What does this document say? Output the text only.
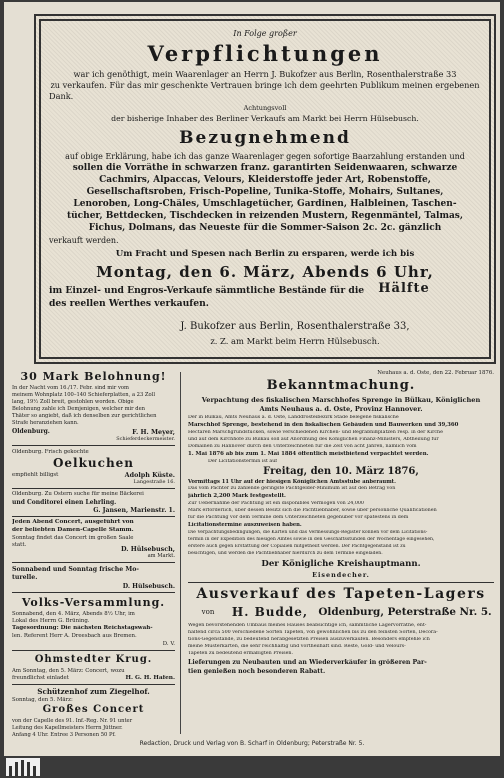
In Folge großer
Verpflichtungen
war ich genöthigt, mein Waarenlager an Herrn J. Bukofzer aus Berlin, Rosenthalerstraße 33
zu verkaufen. Für das mir geschenkte Vertrauen bringe ich dem geehrten Publikum meinen ergebenen
Dank.
Achtungsvoll
der bisherige Inhaber des Berliner Verkaufs am Markt bei Herrn Hülsebusch.
Bezugnehmend
auf obige Erklärung, habe ich das ganze Waarenlager gegen sofortige Baarzahlung erstanden und
sollen die Vorräthe in schwarzen franz. garantirten Seidenwaaren, schwarze
Cachmirs, Alpaccas, Velours, Kleiderstoffe jeder Art, Robenstoffe,
Gesellschaftsroben, Frisch-Popeline, Tunika-Stoffe, Mohairs, Sultanes,
Lenoroben, Long-Châles, Umschlagetücher, Gardinen, Halbleinen, Taschen-
tücher, Bettdecken, Tischdecken in reizenden Mustern, Regenmäntel, Talmas,
Fichus, Dolmans, das Neueste für die Sommer-Saison 2c. 2c. gänzlich
verkauft werden.
Um Fracht und Spesen nach Berlin zu ersparen, werde ich bis
Montag, den 6. März, Abends 6 Uhr,
im Einzel- und Engros-Verkaufe sämmtliche Bestände für die	Hälfte
des reellen Werthes verkaufen.
J. Bukofzer aus Berlin, Rosenthalerstraße 33,
z. Z. am Markt beim Herrn Hülsebusch.
30 Mark Belohnung!
In der Nacht vom 16./17. Febr. sind mir vom
meinem Wohnplatz 100–140 Schieferplatten, a 23 Zoll
lang, 19½ Zoll breit, gestohlen worden. Obige
Belohnung zahle ich Demjenigen, welcher mir den
Thäter so angiebt, daß ich denselben zur gerichtlichen
Strafe heranziehen kann.
Oldenburg.	F. H. Meyer,
Schieferdeckermeister.
Oldenburg. Frisch gekochte
Oelkuchen
empfiehlt billigst	Adolph Küste.
Langestraße 16.
Oldenburg. Zu Ostern suche für meine Bäckerei
und Conditorei einen Lehrling.
G. Jansen, Marienstr. 1.
Jeden Abend Concert, ausgeführt von
der beliebten Damen-Capelle Stamm.
Sonntag findet das Concert im großen Saale
statt.	D. Hülsebusch,
am Markt.
Sonnabend und Sonntag frische Mo-
turelle.
D. Hülsebusch.
Volks-Versammlung.
Sonnabend, den 4. März, Abends 8½ Uhr, im
Lokal des Herrn G. Brüning.
Tagesordnung: Die nächsten Reichstagswah-
len. Referent Herr A. Dreesbach aus Bremen.
D. V.
Ohmstedter Krug.
Am Sonntag, den 5. März: Concert, wozu
freundlichst einladet	H. G. H. Hafen.
Schützenhof zum Ziegelhof.
Sonntag, den 5. März:
Großes Concert
von der Capelle des 91. Inf.-Reg. Nr. 91 unter
Leitung des Kapellmeisters Herrn Jüttner.
Anfang 4 Uhr. Entree 3 Personen 50 Pf.
Neuhaus a. d. Oste, den 22. Februar 1876.
Bekanntmachung.
Verpachtung des fiskalischen Marschhofes Sprenge in Bülkau, Königlichen
Amts Neuhaus a. d. Oste, Provinz Hannover.
Der in Bülkau, Amts Neuhaus a. d. Oste, Landdrosteibezirk Stade belegene fiskalische
Marschhof Sprenge, bestehend in den fiskalischen Gebäuden und Bauwerken und 39,360
Hectaren Marschgrundstücken, sowie verschiedenen Kirchen- und Begräbnißplätzen resp. in der Kirche
und auf dem Kirchhofe zu Bülkau soll auf Anordnung des Königlichen Finanz-Ministers, Abtheilung für
Domainen zu Hannover durch den Unterzeichneten für die Zeit von acht Jahren, nämlich vom
1. Mai 1876 ab bis zum 1. Mai 1884 öffentlich meistbietend verpachtet werden.
Der Licitationstermin ist auf
Freitag, den 10. März 1876,
Vormittags 11 Uhr auf der hiesigen Königlichen Amtsstube anberaumt.
Das vom Pächter zu zahlende geringste Pachtgelder-Minimum ist auf den Betrag von
jährlich 2,200 Mark festgestellt.
Zur Uebernahme der Pachtung ist ein disponibles Vermögen von 24,000
Mark erforderlich, über dessen Besitz sich die Pachtliebhaber, sowie über persönliche Qualificationen
für die Pachtung vor dem Termine dem Unterzeichneten gegenüber vor spätestens in dem
Licitationstermine auszuweisen haben.
Die Verpachtungsbedingungen, die Karten und das Vermessungs-Register können vor dem Licitations-
termin in der Expedition des hiesigen Amtes sowie in den Geschäftsstunden der Wochentage eingesehen,
erstere auch gegen Erstattung der Copialien mitgetheilt werden. Der Pachtgegenstand ist zu
besichtigen, und werden die Pachtliebhaber hierdurch zu dem Termine eingeladen.
Der Königliche Kreishauptmann.
Eisendecher.
Ausverkauf des Tapeten-Lagers
von	H. Budde, Oldenburg, Peterstraße Nr. 5.
Wegen bevorstehenden Umbaus meines Hauses beabsichtige ich, sämmtliche Lagervorräthe, ent-
haltend circa 500 verschiedene Sorten Tapeten, von gewöhnlichen bis zu den feinsten Sorten, Decora-
tions-Gegenstände, zu bedeutend herabgesetzten Preisen auszuverkaufen. Besonders empfehle ich
meine Musterkarten, die sehr reichhaltig und vortheilhaft sind. Reste, Gold- und Velours-
Tapeten zu bedeutend ermäßigten Preisen.
Lieferungen zu Neubauten und an Wiederverkäufer in größeren Par-
tien genießen noch besonderen Rabatt.
Redaction, Druck und Verlag von B. Scharf in Oldenburg; Peterstraße Nr. 5.
